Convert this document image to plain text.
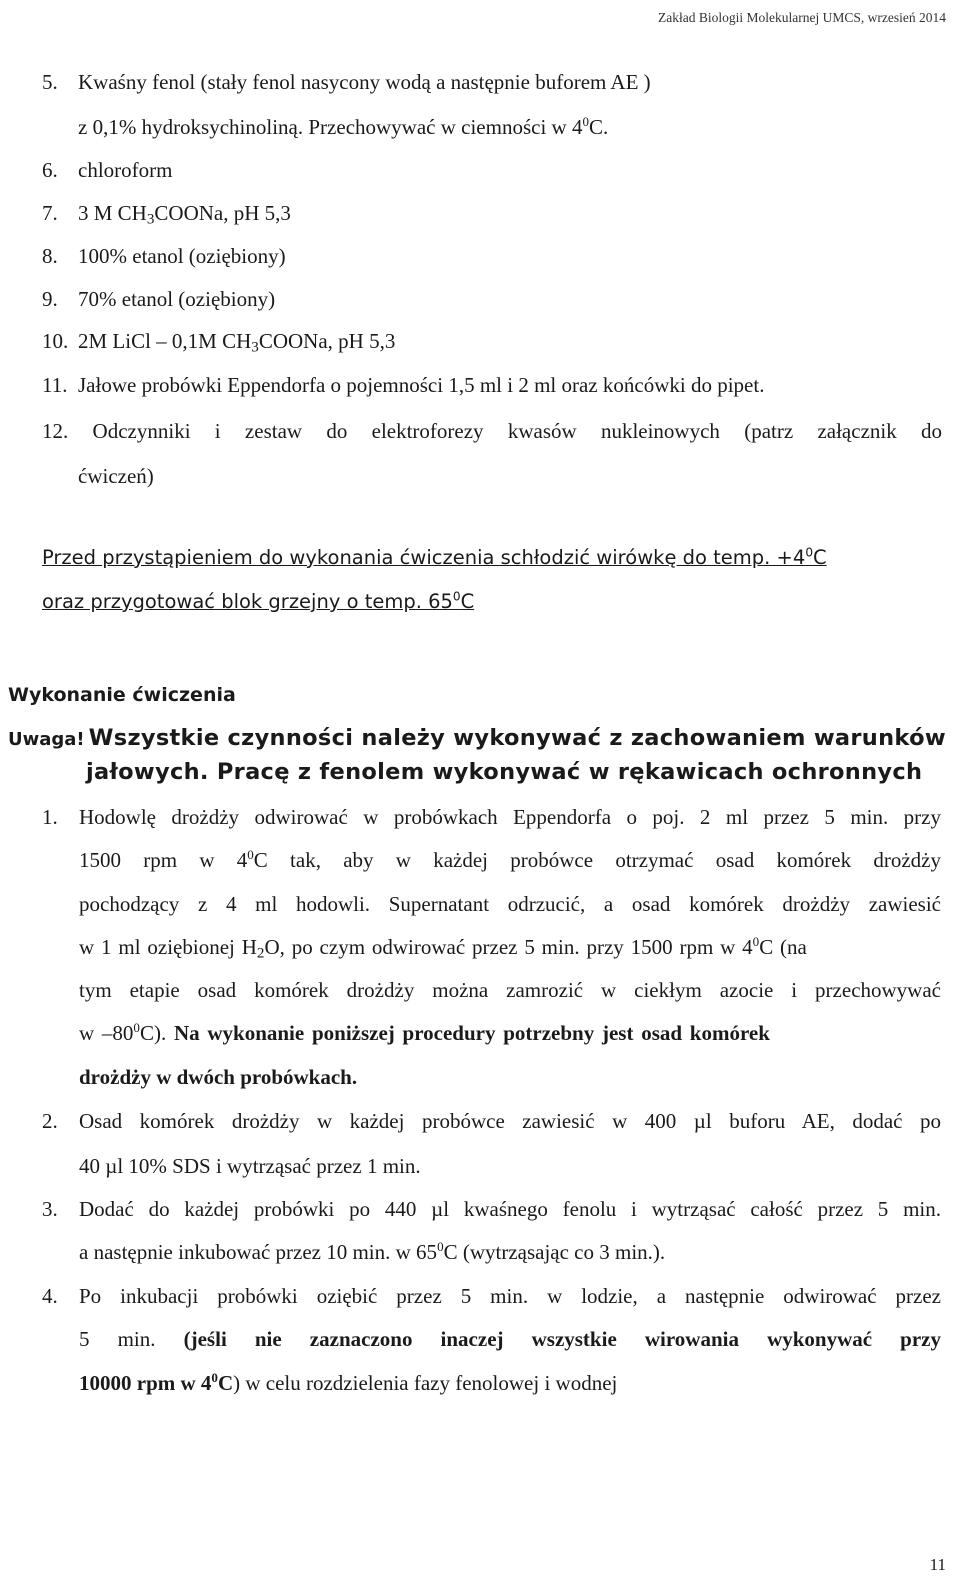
Zakład Biologii Molekularnej UMCS, wrzesień 2014
5. Kwaśny fenol (stały fenol nasycony wodą a następnie buforem AE )
z 0,1% hydroksychinoliną. Przechowywać w ciemności w $4^0C$.
6. chloroform
7. 3 M $CH_3COONa$, pH 5,3
8. 100% etanol (oziębiony)
9. 70% etanol (oziębiony)
10. 2M LiCl – 0,1M $CH_3COONa$, pH 5,3
11. Jałowe probówki Eppendorfa o pojemności 1,5 ml i 2 ml oraz końcówki do pipet.
12. Odczynniki i zestaw do elektroforezy kwasów nukleinowych (patrz załącznik do
ćwiczeń)
Przed przystąpieniem do wykonania ćwiczenia schłodzić wirówkę do temp. $+4^0C$
oraz przygotować blok grzejny o temp. $65^0C$
Wykonanie ćwiczenia
Uwaga! Wszystkie czynności należy wykonywać z zachowaniem warunków
jałowych. Pracę z fenolem wykonywać w rękawicach ochronnych
1. Hodowlę drożdży odwirować w probówkach Eppendorfa o poj. 2 ml przez 5 min. przy
1500 rpm w $4^0C$ tak, aby w każdej probówce otrzymać osad komórek drożdży
pochodzący z 4 ml hodowli. Supernatant odrzucić, a osad komórek drożdży zawiesić
w 1 ml oziębionej $H_2O$, po czym odwirować przez 5 min. przy 1500 rpm w $4^0C$ (na
tym etapie osad komórek drożdży można zamrozić w ciekłym azocie i przechowywać
w $-80^0C$). Na wykonanie poniższej procedury potrzebny jest osad komórek
drożdży w dwóch probówkach.
2. Osad komórek drożdży w każdej probówce zawiesić w 400 µl buforu AE, dodać po
40 µl 10% SDS i wytrząsać przez 1 min.
3. Dodać do każdej probówki po 440 µl kwaśnego fenolu i wytrząsać całość przez 5 min.
a następnie inkubować przez 10 min. w $65^0C$ (wytrząsając co 3 min.).
4. Po inkubacji probówki oziębić przez 5 min. w lodzie, a następnie odwirować przez
5 min. (jeśli nie zaznaczono inaczej wszystkie wirowania wykonywać przy
10000 rpm w $4^0C$) w celu rozdzielenia fazy fenolowej i wodnej
11
